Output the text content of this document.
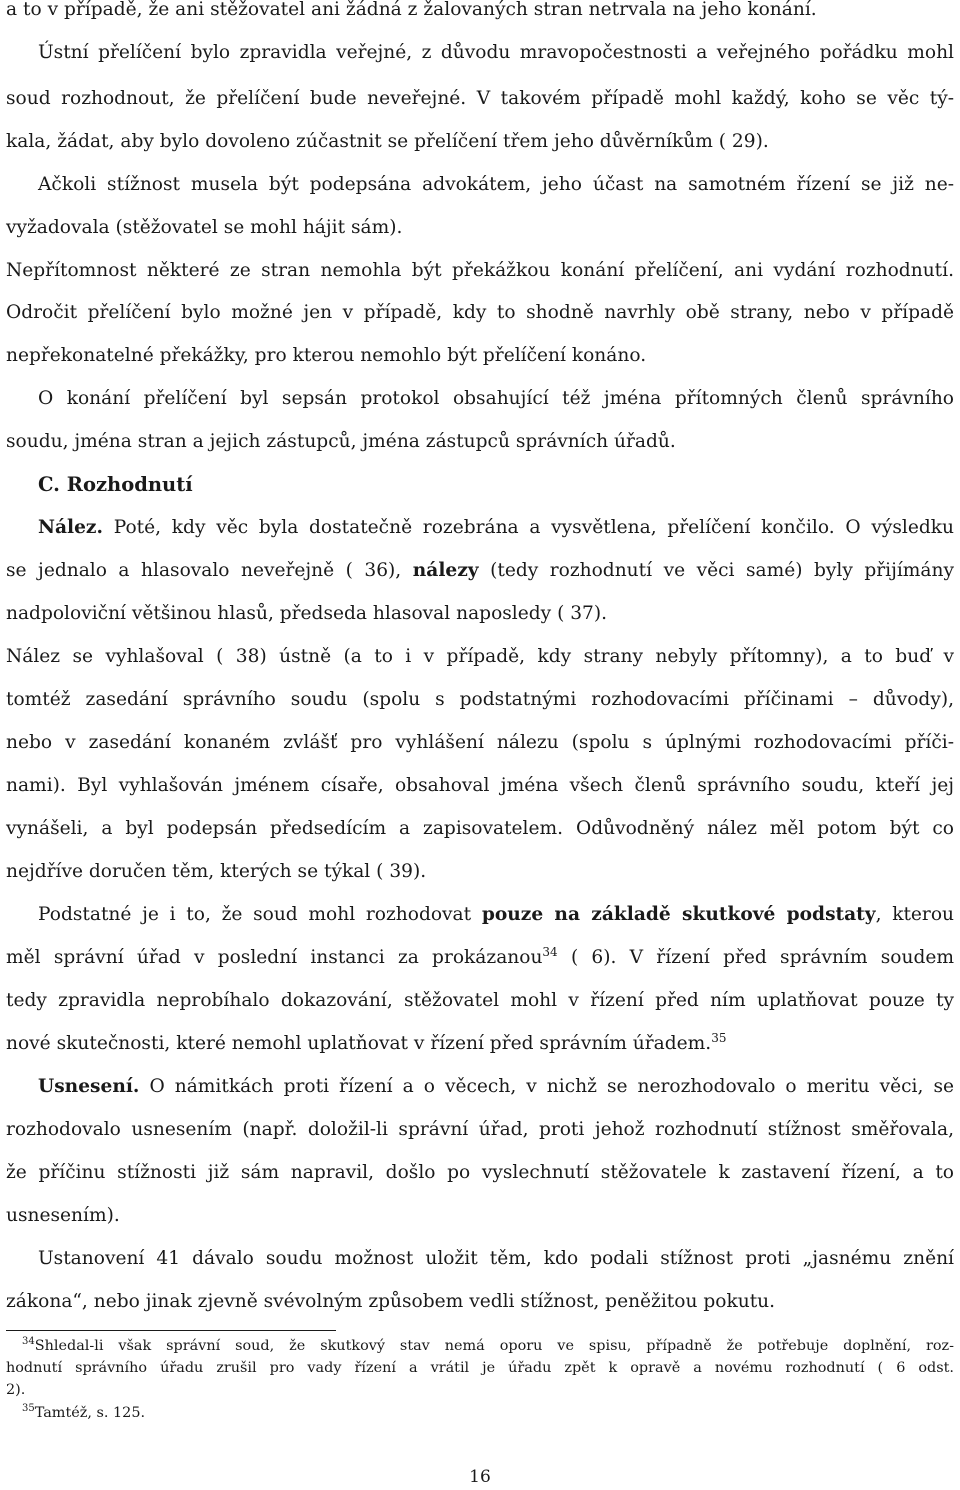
a to v případě, že ani stěžovatel ani žádná z žalovaných stran netrvala na jeho konání.
Ústní přelíčení bylo zpravidla veřejné, z důvodu mravopočestnosti a veřejného pořádku mohl
soud rozhodnout, že přelíčení bude neveřejné. V takovém případě mohl každý, koho se věc tý-
kala, žádat, aby bylo dovoleno zúčastnit se přelíčení třem jeho důvěrníkům ( 29).
Ačkoli stížnost musela být podepsána advokátem, jeho účast na samotném řízení se již ne-
vyžadovala (stěžovatel se mohl hájit sám).
Nepřítomnost některé ze stran nemohla být překážkou konání přelíčení, ani vydání rozhodnutí.
Odročit přelíčení bylo možné jen v případě, kdy to shodně navrhly obě strany, nebo v případě
nepřekonatelné překážky, pro kterou nemohlo být přelíčení konáno.
O konání přelíčení byl sepsán protokol obsahující též jména přítomných členů správního
soudu, jména stran a jejich zástupců, jména zástupců správních úřadů.
C. Rozhodnutí
Nález. Poté, kdy věc byla dostatečně rozebrána a vysvětlena, přelíčení končilo. O výsledku
se jednalo a hlasovalo neveřejně ( 36), nálezy (tedy rozhodnutí ve věci samé) byly přijímány
nadpoloviční většinou hlasů, předseda hlasoval naposledy ( 37).
Nález se vyhlašoval ( 38) ústně (a to i v případě, kdy strany nebyly přítomny), a to buď v
tomtéž zasedání správního soudu (spolu s podstatnými rozhodovacími příčinami – důvody),
nebo v zasedání konaném zvlášť pro vyhlášení nálezu (spolu s úplnými rozhodovacími příči-
nami). Byl vyhlašován jménem císaře, obsahoval jména všech členů správního soudu, kteří jej
vynášeli, a byl podepsán předsedícím a zapisovatelem. Odůvodněný nález měl potom být co
nejdříve doručen těm, kterých se týkal ( 39).
Podstatné je i to, že soud mohl rozhodovat pouze na základě skutkové podstaty, kterou
měl správní úřad v poslední instanci za prokázanou$^{34}$ ( 6). V řízení před správním soudem
tedy zpravidla neprobíhalo dokazování, stěžovatel mohl v řízení před ním uplatňovat pouze ty
nové skutečnosti, které nemohl uplatňovat v řízení před správním úřadem.$^{35}$
Usnesení. O námitkách proti řízení a o věcech, v nichž se nerozhodovalo o meritu věci, se
rozhodovalo usnesením (např. doložil-li správní úřad, proti jehož rozhodnutí stížnost směřovala,
že příčinu stížnosti již sám napravil, došlo po vyslechnutí stěžovatele k zastavení řízení, a to
usnesením).
Ustanovení 41 dávalo soudu možnost uložit těm, kdo podali stížnost proti „jasnému znění
zákona“, nebo jinak zjevně svévolným způsobem vedli stížnost, peněžitou pokutu.
$^{34}$Shledal-li však správní soud, že skutkový stav nemá oporu ve spisu, případně že potřebuje doplnění, roz-
hodnutí správního úřadu zrušil pro vady řízení a vrátil je úřadu zpět k opravě a novému rozhodnutí ( 6 odst.
2).
$^{35}$Tamtéž, s. 125.
16
